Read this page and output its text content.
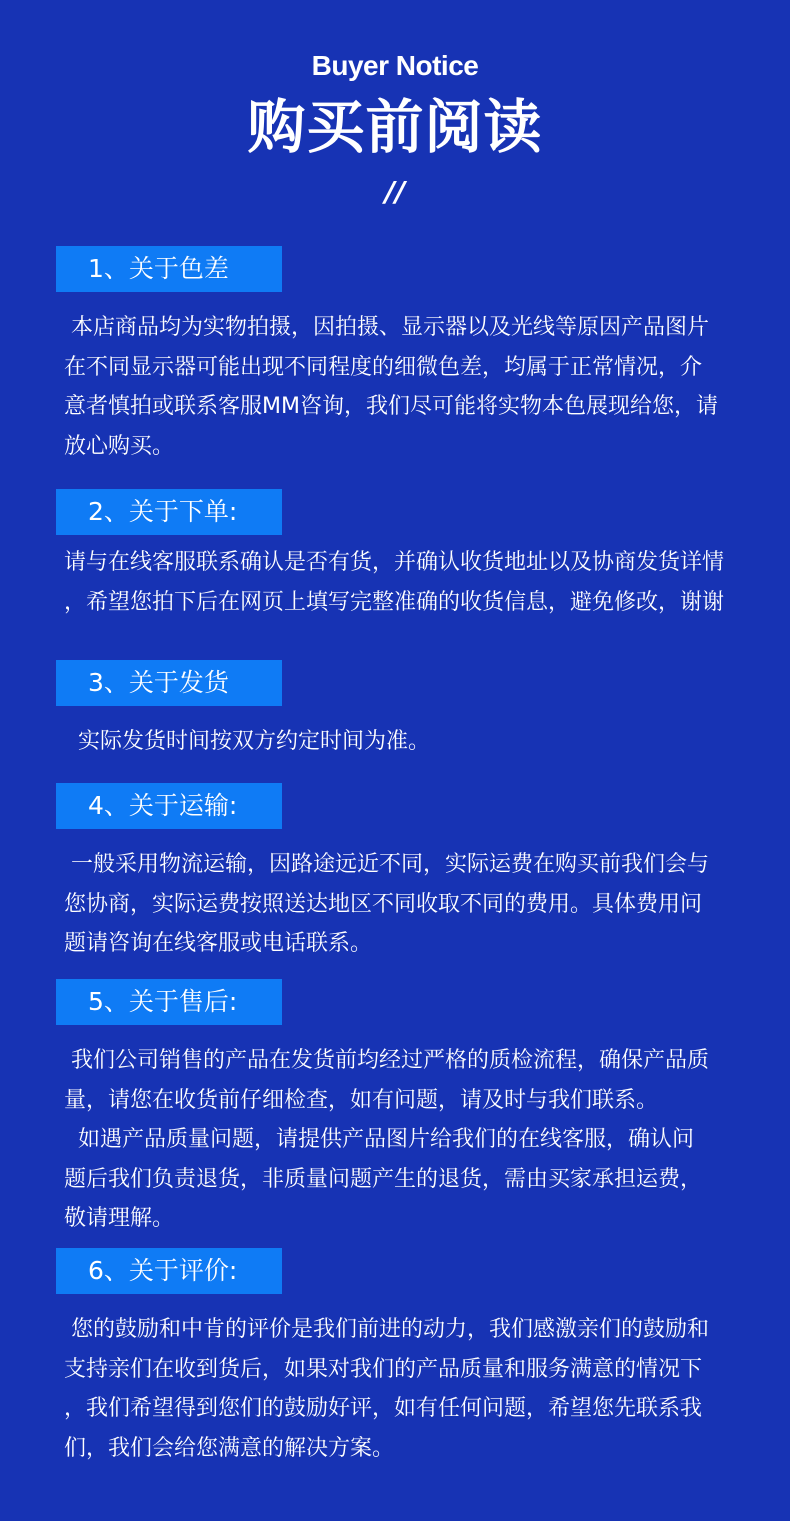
Buyer Notice
购买前阅读
//
1、关于色差

本店商品均为实物拍摄，因拍摄、显示器以及光线等原因产品图片

在不同显示器可能出现不同程度的细微色差，均属于正常情况，介

意者慎拍或联系客服MM咨询，我们尽可能将实物本色展现给您，请

放心购买。

2、关于下单:

请与在线客服联系确认是否有货，并确认收货地址以及协商发货详情

，希望您拍下后在网页上填写完整准确的收货信息，避免修改，谢谢

3、关于发货

实际发货时间按双方约定时间为准。

4、关于运输:

一般采用物流运输，因路途远近不同，实际运费在购买前我们会与

您协商，实际运费按照送达地区不同收取不同的费用。具体费用问

题请咨询在线客服或电话联系。

5、关于售后:

我们公司销售的产品在发货前均经过严格的质检流程，确保产品质

量，请您在收货前仔细检查，如有问题，请及时与我们联系。

如遇产品质量问题，请提供产品图片给我们的在线客服，确认问

题后我们负责退货，非质量问题产生的退货，需由买家承担运费，

敬请理解。

6、关于评价:

您的鼓励和中肯的评价是我们前进的动力，我们感激亲们的鼓励和

支持亲们在收到货后，如果对我们的产品质量和服务满意的情况下

，我们希望得到您们的鼓励好评，如有任何问题，希望您先联系我

们，我们会给您满意的解决方案。
